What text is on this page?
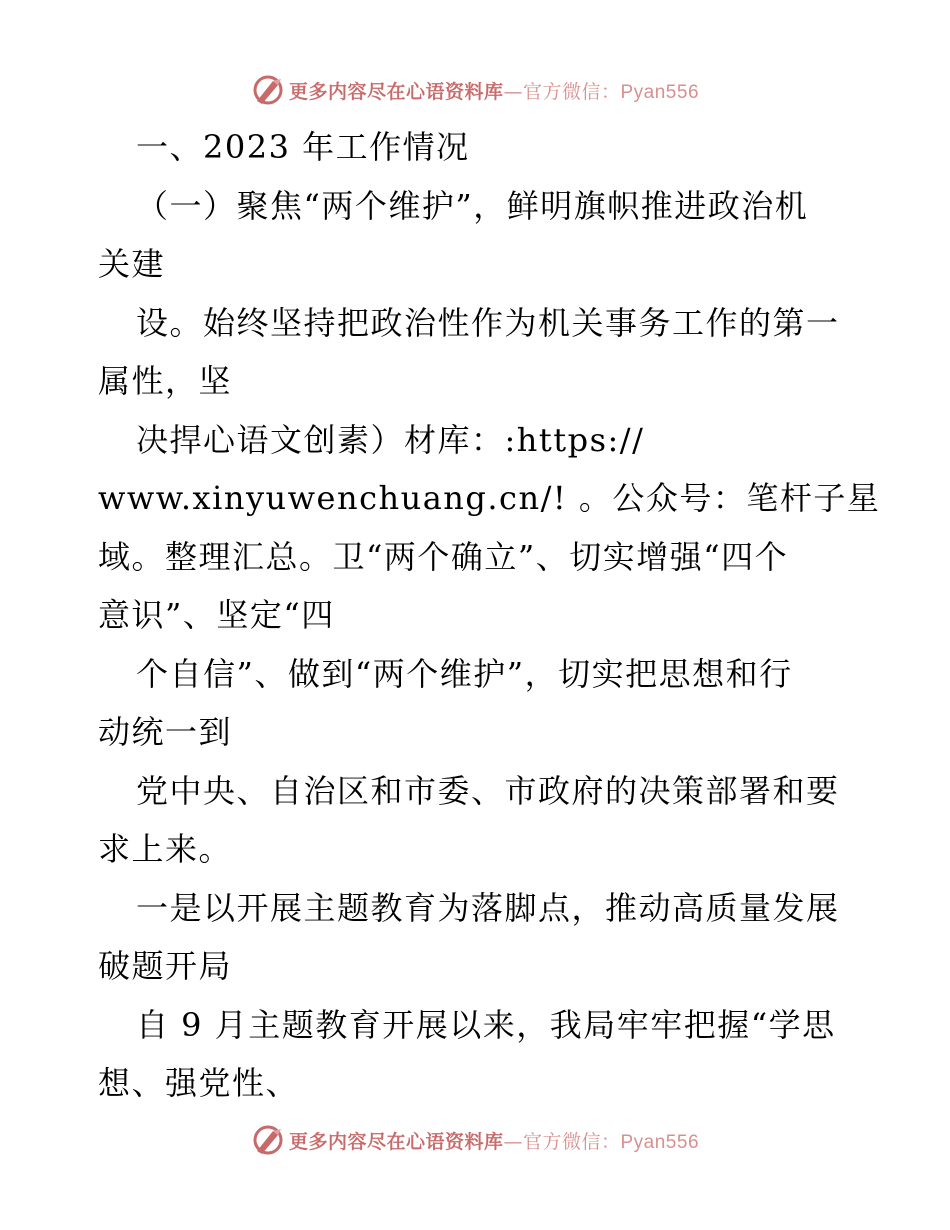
更多内容尽在心语资料库—官方微信：Pyan556
一、2023 年工作情况
（一）聚焦“两个维护”，鲜明旗帜推进政治机
关建
设。始终坚持把政治性作为机关事务工作的第一
属性，坚
决捍心语文创素）材库：:https://
www.xinyuwenchuang.cn/! 。公众号：笔杆子星
域。整理汇总。卫“两个确立”、切实增强“四个
意识”、坚定“四
个自信”、做到“两个维护”，切实把思想和行
动统一到
党中央、自治区和市委、市政府的决策部署和要
求上来。
一是以开展主题教育为落脚点，推动高质量发展
破题开局
自 9 月主题教育开展以来，我局牢牢把握“学思
想、强党性、
更多内容尽在心语资料库—官方微信：Pyan556
